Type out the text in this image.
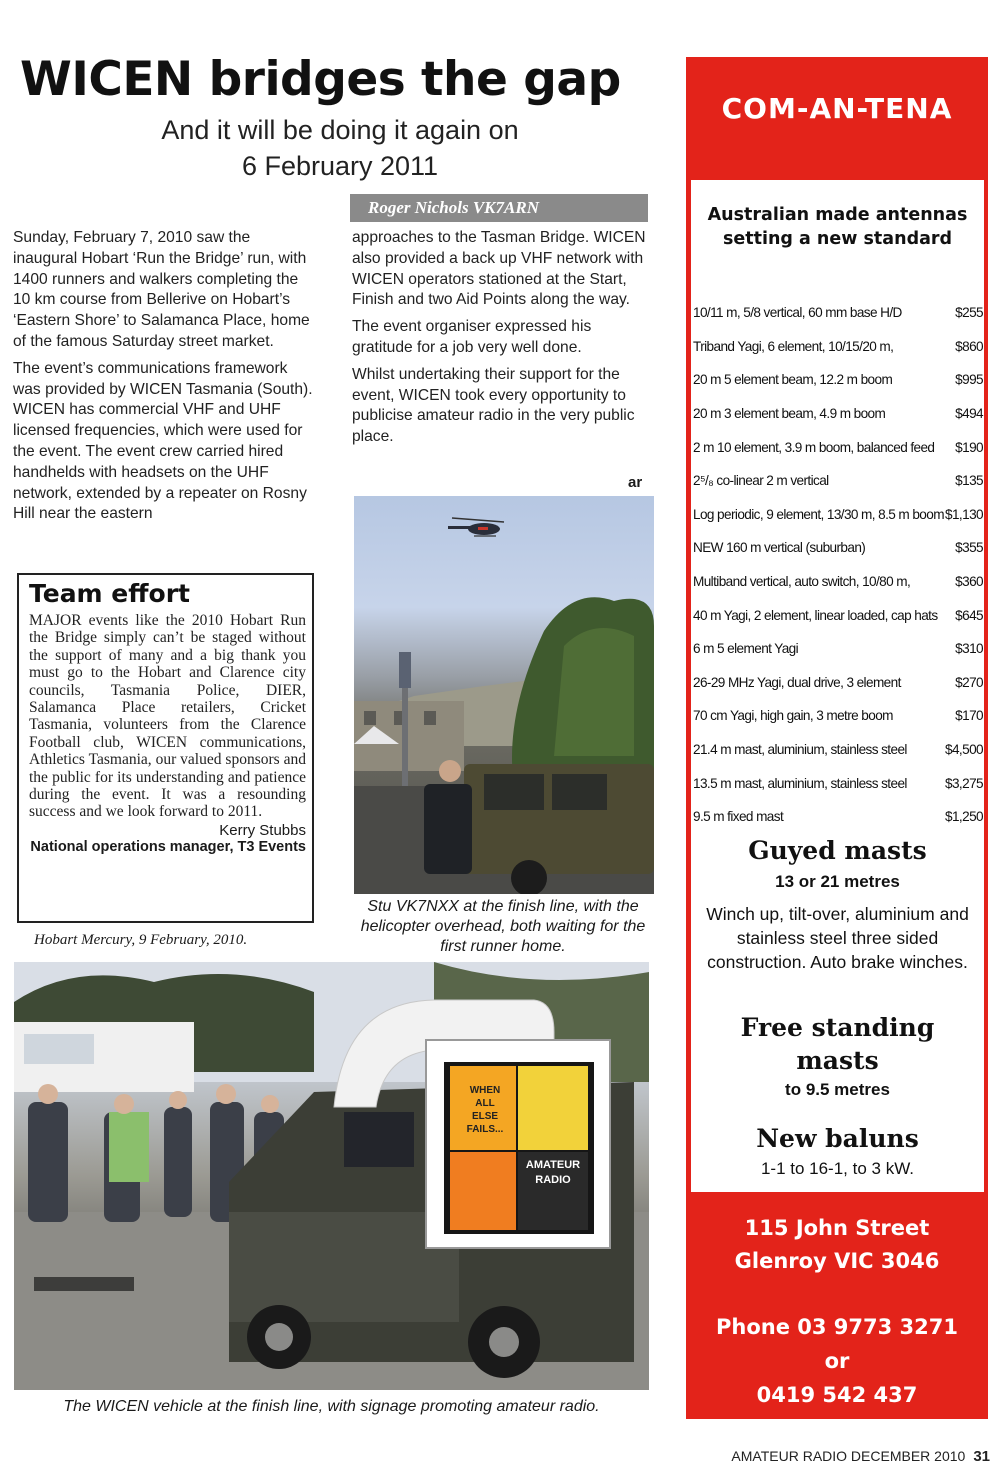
WICEN bridges the gap
And it will be doing it again on
6 February 2011
Roger Nichols VK7ARN

Sunday, February 7, 2010 saw the inaugural Hobart ‘Run the Bridge’ run, with 1400 runners and walkers completing the 10 km course from Bellerive on Hobart’s ‘Eastern Shore’ to Salamanca Place, home of the famous Saturday street market.

The event’s communications framework was provided by WICEN Tasmania (South). WICEN has commercial VHF and UHF licensed frequencies, which were used for the event. The event crew carried hired handhelds with headsets on the UHF network, extended by a repeater on Rosny Hill near the eastern

approaches to the Tasman Bridge. WICEN also provided a back up VHF network with WICEN operators stationed at the Start, Finish and two Aid Points along the way.

The event organiser expressed his gratitude for a job very well done.

Whilst undertaking their support for the event, WICEN took every opportunity to publicise amateur radio in the very public place.

ar
Team effort
MAJOR events like the 2010 Hobart Run the Bridge simply can’t be staged without the support of many and a big thank you must go to the Hobart and Clarence city councils, Tasmania Police, DIER, Salamanca Place retailers, Cricket Tasmania, volunteers from the Clarence Football club, WICEN communications, Athletics Tasmania, our valued sponsors and the public for its understanding and patience during the event. It was a resounding success and we look forward to 2011.
Kerry Stubbs
National operations manager, T3 Events
Hobart Mercury, 9 February, 2010.
Stu VK7NXX at the finish line, with the helicopter overhead, both waiting for the first runner home.
WHEN
ALL
ELSE
FAILS...
AMATEUR
RADIO
The WICEN vehicle at the finish line, with signage promoting amateur radio.
COM-AN-TENA
Australian made antennas setting a new standard
10/11 m, 5/8 vertical, 60 mm base H/D	$255
Triband Yagi, 6 element, 10/15/20 m,	$860
20 m 5 element beam, 12.2 m boom	$995
20 m 3 element beam, 4.9 m boom	$494
2 m 10 element, 3.9 m boom, balanced feed $190
2⁵/₈ co-linear 2 m vertical	$135
Log periodic, 9 element, 13/30 m, 8.5 m boom $1,130
NEW 160 m vertical (suburban)	$355
Multiband vertical, auto switch, 10/80 m,	$360
40 m Yagi, 2 element, linear loaded, cap hats $645
6 m 5 element Yagi	$310
26-29 MHz Yagi, dual drive, 3 element	$270
70 cm Yagi, high gain, 3 metre boom	$170
21.4 m mast, aluminium, stainless steel	$4,500
13.5 m mast, aluminium, stainless steel	$3,275
9.5 m fixed mast	$1,250
Guyed masts
13 or 21 metres
Winch up, tilt-over, aluminium and stainless steel three sided construction. Auto brake winches.
Free standing
masts
to 9.5 metres
New baluns
1-1 to 16-1, to 3 kW.
115 John Street
Glenroy VIC 3046
Phone 03 9773 3271
or
0419 542 437
AMATEUR RADIO DECEMBER 2010 31
